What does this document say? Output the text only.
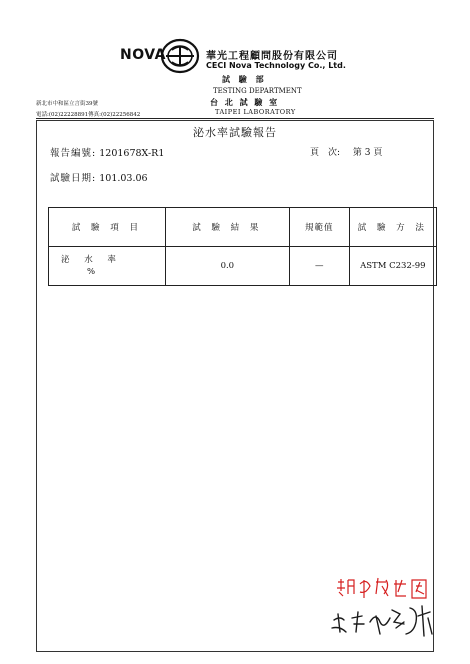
NOVA	華光工程顧問股份有限公司
CECI Nova Technology Co., Ltd.
試 驗 部
TESTING DEPARTMENT
台 北 試 驗 室
TAIPEI LABORATORY
新北市中和區立言街39號
電話:(02)22228891傳真:(02)22256842
泌水率試驗報告
報告編號: 1201678X-R1	頁　次: 第 3 頁
試驗日期: 101.03.06
試 驗 項 目	試 驗 結 果	規範值	試 驗 方 法

泌 水 率
%	0.0	—	ASTM C232-99
